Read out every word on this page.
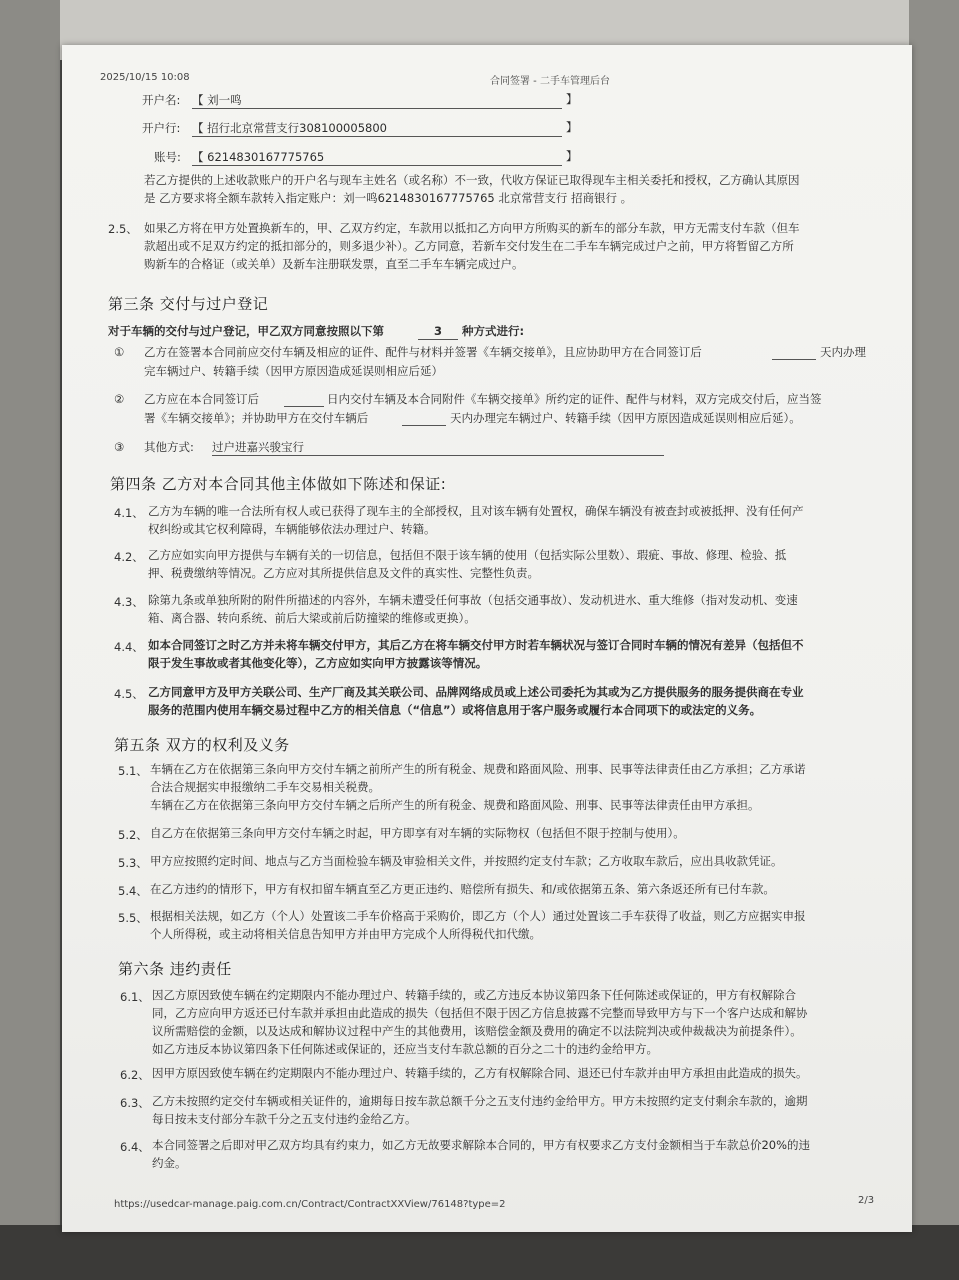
2025/10/15 10:08	合同签署 - 二手车管理后台
开户名: 【 刘一鸣	】
开户行: 【 招行北京常营支行308100005800	】
账号: 【 6214830167775765	】
若乙方提供的上述收款账户的开户名与现车主姓名（或名称）不一致，代收方保证已取得现车主相关委托和授权，乙方确认其原因
是 乙方要求将全额车款转入指定账户：刘一鸣6214830167775765 北京常营支行 招商银行 。
2.5、 如果乙方将在甲方处置换新车的，甲、乙双方约定，车款用以抵扣乙方向甲方所购买的新车的部分车款，甲方无需支付车款（但车
款超出或不足双方约定的抵扣部分的，则多退少补）。乙方同意，若新车交付发生在二手车车辆完成过户之前，甲方将暂留乙方所
购新车的合格证（或关单）及新车注册联发票，直至二手车车辆完成过户。
第三条 交付与过户登记
对于车辆的交付与过户登记，甲乙双方同意按照以下第	3	种方式进行:
① 乙方在签署本合同前应交付车辆及相应的证件、配件与材料并签署《车辆交接单》，且应协助甲方在合同签订后	天内办理
完车辆过户、转籍手续（因甲方原因造成延误则相应后延）
② 乙方应在本合同签订后	日内交付车辆及本合同附件《车辆交接单》所约定的证件、配件与材料，双方完成交付后，应当签
署《车辆交接单》；并协助甲方在交付车辆后	天内办理完车辆过户、转籍手续（因甲方原因造成延误则相应后延）。
③ 其他方式: 过户进嘉兴骏宝行
第四条 乙方对本合同其他主体做如下陈述和保证:
4.1、 乙方为车辆的唯一合法所有权人或已获得了现车主的全部授权，且对该车辆有处置权，确保车辆没有被查封或被抵押、没有任何产
权纠纷或其它权利障碍，车辆能够依法办理过户、转籍。
4.2、 乙方应如实向甲方提供与车辆有关的一切信息，包括但不限于该车辆的使用（包括实际公里数）、瑕疵、事故、修理、检验、抵
押、税费缴纳等情况。乙方应对其所提供信息及文件的真实性、完整性负责。
4.3、 除第九条或单独所附的附件所描述的内容外，车辆未遭受任何事故（包括交通事故）、发动机进水、重大维修（指对发动机、变速
箱、离合器、转向系统、前后大梁或前后防撞梁的维修或更换）。
4.4、 如本合同签订之时乙方并未将车辆交付甲方，其后乙方在将车辆交付甲方时若车辆状况与签订合同时车辆的情况有差异（包括但不
限于发生事故或者其他变化等），乙方应如实向甲方披露该等情况。
4.5、 乙方同意甲方及甲方关联公司、生产厂商及其关联公司、品牌网络成员或上述公司委托为其或为乙方提供服务的服务提供商在专业
服务的范围内使用车辆交易过程中乙方的相关信息（“信息”）或将信息用于客户服务或履行本合同项下的或法定的义务。
第五条 双方的权利及义务
5.1、 车辆在乙方在依据第三条向甲方交付车辆之前所产生的所有税金、规费和路面风险、刑事、民事等法律责任由乙方承担；乙方承诺
合法合规据实申报缴纳二手车交易相关税费。
车辆在乙方在依据第三条向甲方交付车辆之后所产生的所有税金、规费和路面风险、刑事、民事等法律责任由甲方承担。
5.2、 自乙方在依据第三条向甲方交付车辆之时起，甲方即享有对车辆的实际物权（包括但不限于控制与使用）。
5.3、 甲方应按照约定时间、地点与乙方当面检验车辆及审验相关文件，并按照约定支付车款；乙方收取车款后，应出具收款凭证。
5.4、 在乙方违约的情形下，甲方有权扣留车辆直至乙方更正违约、赔偿所有损失、和/或依据第五条、第六条返还所有已付车款。
5.5、 根据相关法规，如乙方（个人）处置该二手车价格高于采购价，即乙方（个人）通过处置该二手车获得了收益，则乙方应据实申报
个人所得税，或主动将相关信息告知甲方并由甲方完成个人所得税代扣代缴。
第六条 违约责任
6.1、 因乙方原因致使车辆在约定期限内不能办理过户、转籍手续的，或乙方违反本协议第四条下任何陈述或保证的，甲方有权解除合
同，乙方应向甲方返还已付车款并承担由此造成的损失（包括但不限于因乙方信息披露不完整而导致甲方与下一个客户达成和解协
议所需赔偿的金额，以及达成和解协议过程中产生的其他费用，该赔偿金额及费用的确定不以法院判决或仲裁裁决为前提条件）。
如乙方违反本协议第四条下任何陈述或保证的，还应当支付车款总额的百分之二十的违约金给甲方。
6.2、 因甲方原因致使车辆在约定期限内不能办理过户、转籍手续的，乙方有权解除合同、退还已付车款并由甲方承担由此造成的损失。
6.3、 乙方未按照约定交付车辆或相关证件的，逾期每日按车款总额千分之五支付违约金给甲方。甲方未按照约定支付剩余车款的，逾期
每日按未支付部分车款千分之五支付违约金给乙方。
6.4、 本合同签署之后即对甲乙双方均具有约束力，如乙方无故要求解除本合同的，甲方有权要求乙方支付金额相当于车款总价20%的违
约金。
https://usedcar-manage.paig.com.cn/Contract/ContractXXView/76148?type=2	2/3
